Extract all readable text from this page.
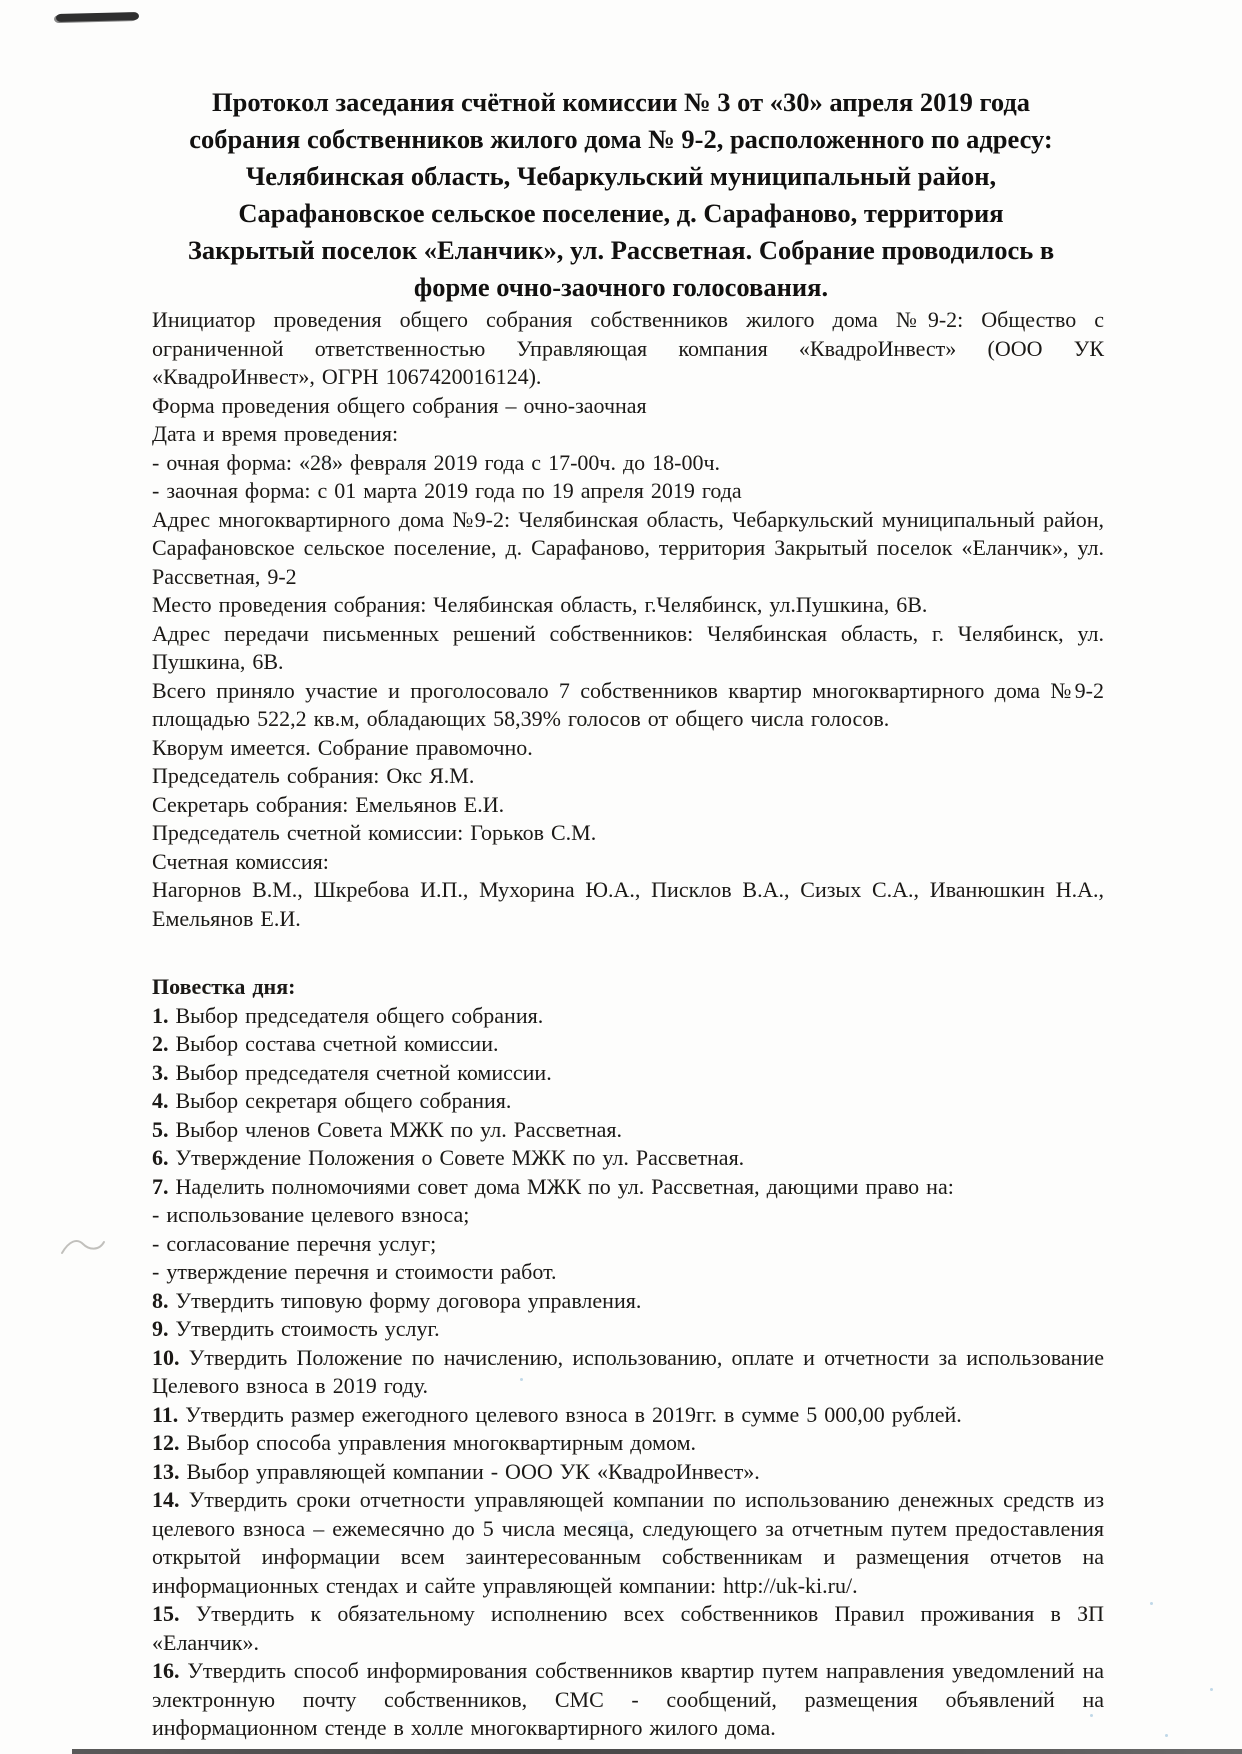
Протокол заседания счётной комиссии № 3 от «30» апреля 2019 года
собрания собственников жилого дома № 9-2, расположенного по адресу:
Челябинская область, Чебаркульский муниципальный район,
Сарафановское сельское поселение, д. Сарафаново, территория
Закрытый поселок «Еланчик», ул. Рассветная. Собрание проводилось в
форме очно-заочного голосования.
Инициатор проведения общего собрания собственников жилого дома №9-2: Общество с ограниченной ответственностью Управляющая компания «КвадроИнвест» (ООО УК «КвадроИнвест», ОГРН 1067420016124).
Форма проведения общего собрания – очно-заочная
Дата и время проведения:
- очная форма: «28» февраля 2019 года с 17-00ч. до 18-00ч.
- заочная форма: с 01 марта 2019 года по 19 апреля 2019 года
Адрес многоквартирного дома №9-2: Челябинская область, Чебаркульский муниципальный район, Сарафановское сельское поселение, д. Сарафаново, территория Закрытый поселок «Еланчик», ул. Рассветная, 9-2
Место проведения собрания: Челябинская область, г.Челябинск, ул.Пушкина, 6В.
Адрес передачи письменных решений собственников: Челябинская область, г. Челябинск, ул. Пушкина, 6В.
Всего приняло участие и проголосовало 7 собственников квартир многоквартирного дома №9-2 площадью 522,2 кв.м, обладающих 58,39% голосов от общего числа голосов.
Кворум имеется. Собрание правомочно.
Председатель собрания: Окс Я.М.
Секретарь собрания: Емельянов Е.И.
Председатель счетной комиссии: Горьков С.М.
Счетная комиссия:
Нагорнов В.М., Шкребова И.П., Мухорина Ю.А., Писклов В.А., Сизых С.А., Иванюшкин Н.А., Емельянов Е.И.
Повестка дня:
1. Выбор председателя общего собрания.
2. Выбор состава счетной комиссии.
3. Выбор председателя счетной комиссии.
4. Выбор секретаря общего собрания.
5. Выбор членов Совета МЖК по ул. Рассветная.
6. Утверждение Положения о Совете МЖК по ул. Рассветная.
7. Наделить полномочиями совет дома МЖК по ул. Рассветная, дающими право на:
- использование целевого взноса;
- согласование перечня услуг;
- утверждение перечня и стоимости работ.
8. Утвердить типовую форму договора управления.
9. Утвердить стоимость услуг.
10. Утвердить Положение по начислению, использованию, оплате и отчетности за использование Целевого взноса в 2019 году.
11. Утвердить размер ежегодного целевого взноса в 2019гг. в сумме 5 000,00 рублей.
12. Выбор способа управления многоквартирным домом.
13. Выбор управляющей компании - ООО УК «КвадроИнвест».
14. Утвердить сроки отчетности управляющей компании по использованию денежных средств из целевого взноса – ежемесячно до 5 числа месяца, следующего за отчетным путем предоставления открытой информации всем заинтересованным собственникам и размещения отчетов на информационных стендах и сайте управляющей компании: http://uk-ki.ru/.
15. Утвердить к обязательному исполнению всех собственников Правил проживания в ЗП «Еланчик».
16. Утвердить способ информирования собственников квартир путем направления уведомлений на электронную почту собственников, СМС - сообщений, размещения объявлений на информационном стенде в холле многоквартирного жилого дома.
